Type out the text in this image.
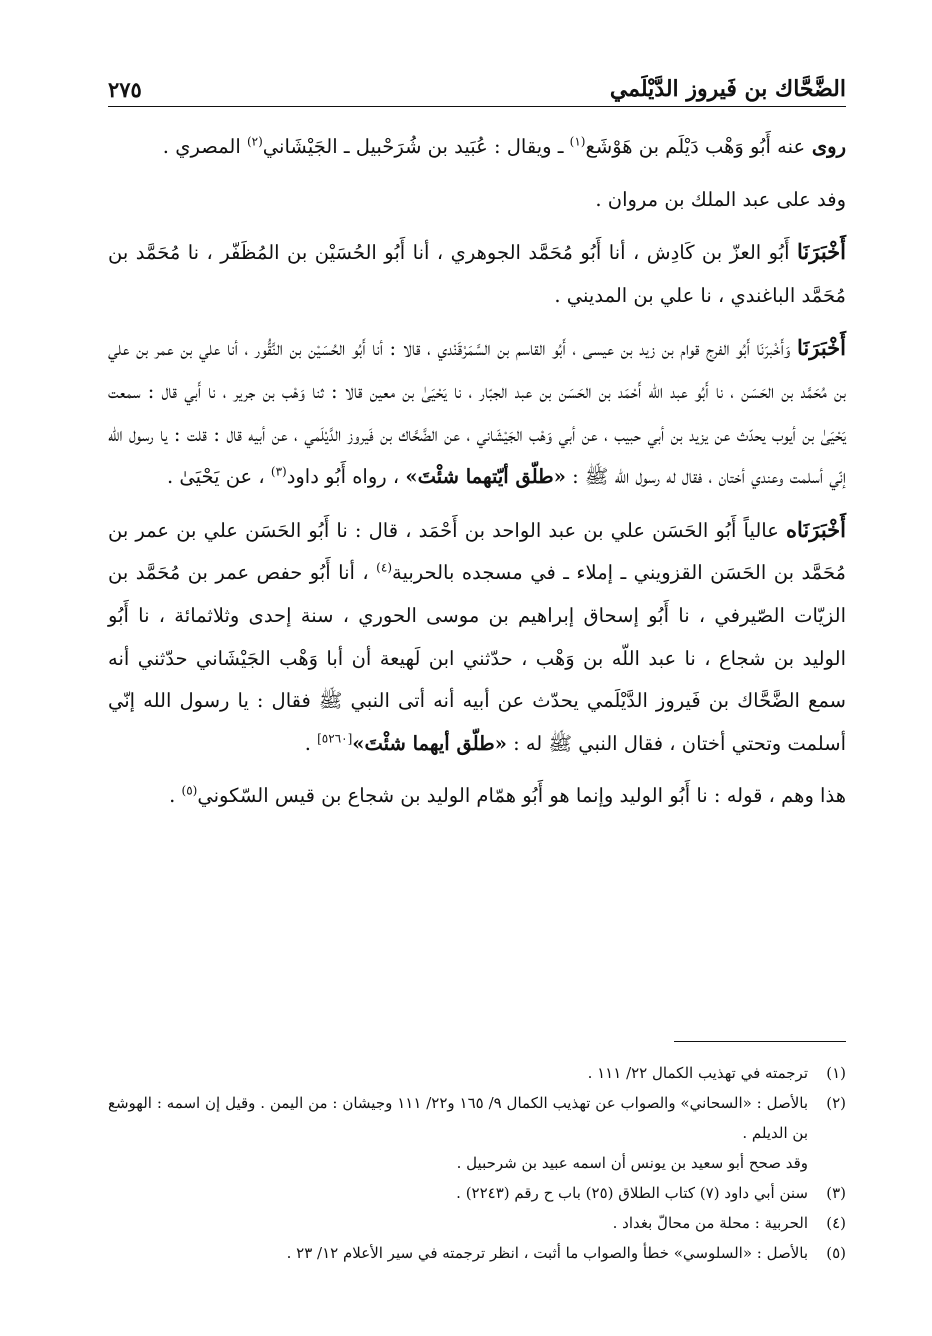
الضَّحَّاك بن فَيروز الدَّيْلَمي
٢٧٥

روى عنه أَبُو وَهْب دَيْلَم بن هَوْشَع$^{(١)}$ ـ ويقال : عُبَيد بن شُرَحْبيل ـ الجَيْشَاني$^{(٢)}$ المصري .

وفد على عبد الملك بن مروان .

أَخْبَرَنَا أَبُو العزّ بن كَادِش ، أنا أَبُو مُحَمَّد الجوهري ، أنا أَبُو الحُسَيْن بن المُظَفّر ، نا مُحَمَّد بن مُحَمَّد الباغندي ، نا علي بن المديني .

أَخْبَرَنَا وَأَخْبرَنَا أَبُو الفرج قوام بن زيد بن عيسى ، أَبُو القاسم بن السَّمَرْقَنْدي ، قالا : أنا أَبُو الحُسَيْن بن النَّقُّور ، أنا علي بن عمر بن علي بن مُحَمَّد بن الحَسَن ، نا أَبُو عبد الله أَحْمَد بن الحَسَن بن عبد الجبّار ، نا يَحْيَىٰ بن معين قالا : ثنا وَهْب بن جرير ، نا أَبي قال : سمعت يَحْيَىٰ بن أيوب يحدّث عن يزيد بن أبي حبيب ، عن أبي وَهْب الجَيْشَاني ، عن الضَّحَّاك بن فَيروز الدَّيْلَمي ، عن أبيه قال : قلت : يا رسول الله إنّي أسلمت وعندي أختان ، فقال له رسول الله ﷺ : «طلّق أيّتهما شئْتَ» ، رواه أَبُو داود$^{(٣)}$ ، عن يَحْيَىٰ .

أَخْبَرَنَاه عالياً أَبُو الحَسَن علي بن عبد الواحد بن أَحْمَد ، قال : نا أَبُو الحَسَن علي بن عمر بن مُحَمَّد بن الحَسَن القزويني ـ إملاء ـ في مسجده بالحربية$^{(٤)}$ ، أنا أَبُو حفص عمر بن مُحَمَّد بن الزيّات الصّيرفي ، نا أَبُو إسحاق إبراهيم بن موسى الحوري ، سنة إحدى وثلاثمائة ، نا أَبُو الوليد بن شجاع ، نا عبد اللّه بن وَهْب ، حدّثني ابن لَهيعة أن أبا وَهْب الجَيْشَاني حدّثني أنه سمع الضَّحَّاك بن فَيروز الدَّيْلَمي يحدّث عن أبيه أنه أتى النبي ﷺ فقال : يا رسول الله إنّي أسلمت وتحتي أختان ، فقال النبي ﷺ له : «طلّق أيهما شئْتَ»[٥٢٦٠] .

هذا وهم ، قوله : نا أَبُو الوليد وإنما هو أَبُو همّام الوليد بن شجاع بن قيس السّكوني$^{(٥)}$ .

(١)
ترجمته في تهذيب الكمال ٢٢/ ١١١ .
(٢)
بالأصل : «السحاني» والصواب عن تهذيب الكمال ٩/ ١٦٥ و٢٢/ ١١١ وجيشان : من اليمن . وقيل إن اسمه : الهوشع بن الديلم .
وقد صحح أبو سعيد بن يونس أن اسمه عبيد بن شرحبيل .
(٣)
سنن أبي داود (٧) كتاب الطلاق (٢٥) باب ح رقم (٢٢٤٣) .
(٤)
الحربية : محلة من محالّ بغداد .
(٥)
بالأصل : «السلوسي» خطأ والصواب ما أثبت ، انظر ترجمته في سير الأعلام ١٢/ ٢٣ .
